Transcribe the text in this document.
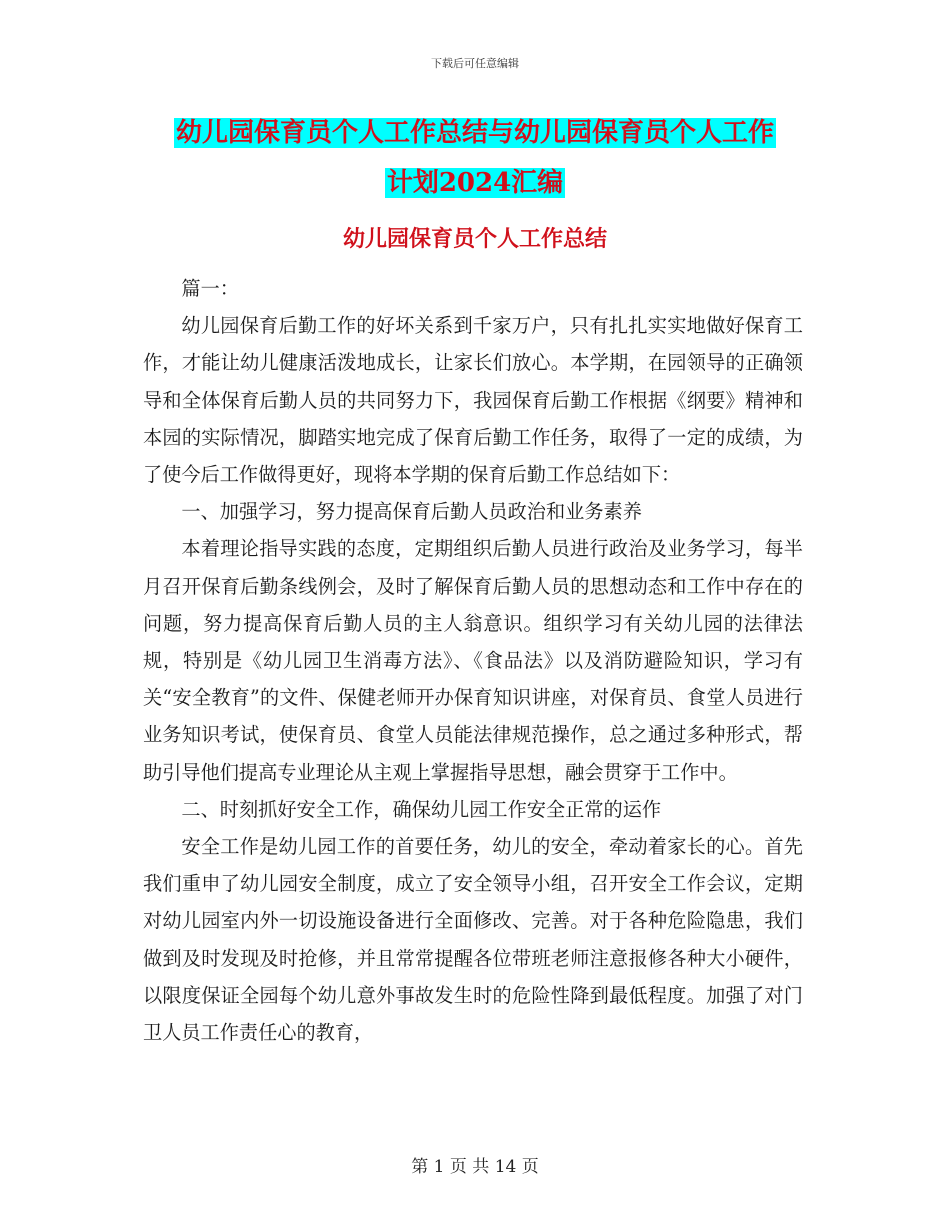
下载后可任意编辑
幼儿园保育员个人工作总结与幼儿园保育员个人工作
计划2024汇编
幼儿园保育员个人工作总结

篇一：

幼儿园保育后勤工作的好坏关系到千家万户，只有扎扎实实地做好保育工作，才能让幼儿健康活泼地成长，让家长们放心。本学期，在园领导的正确领导和全体保育后勤人员的共同努力下，我园保育后勤工作根据《纲要》精神和本园的实际情况，脚踏实地完成了保育后勤工作任务，取得了一定的成绩，为了使今后工作做得更好，现将本学期的保育后勤工作总结如下：

一、加强学习，努力提高保育后勤人员政治和业务素养

本着理论指导实践的态度，定期组织后勤人员进行政治及业务学习，每半月召开保育后勤条线例会，及时了解保育后勤人员的思想动态和工作中存在的问题，努力提高保育后勤人员的主人翁意识。组织学习有关幼儿园的法律法规，特别是《幼儿园卫生消毒方法》、《食品法》以及消防避险知识，学习有关“安全教育”的文件、保健老师开办保育知识讲座，对保育员、食堂人员进行业务知识考试，使保育员、食堂人员能法律规范操作，总之通过多种形式，帮助引导他们提高专业理论从主观上掌握指导思想，融会贯穿于工作中。

二、时刻抓好安全工作，确保幼儿园工作安全正常的运作

安全工作是幼儿园工作的首要任务，幼儿的安全，牵动着家长的心。首先我们重申了幼儿园安全制度，成立了安全领导小组，召开安全工作会议，定期对幼儿园室内外一切设施设备进行全面修改、完善。对于各种危险隐患，我们做到及时发现及时抢修，并且常常提醒各位带班老师注意报修各种大小硬件，以限度保证全园每个幼儿意外事故发生时的危险性降到最低程度。加强了对门卫人员工作责任心的教育，

第 1 页 共 14 页
